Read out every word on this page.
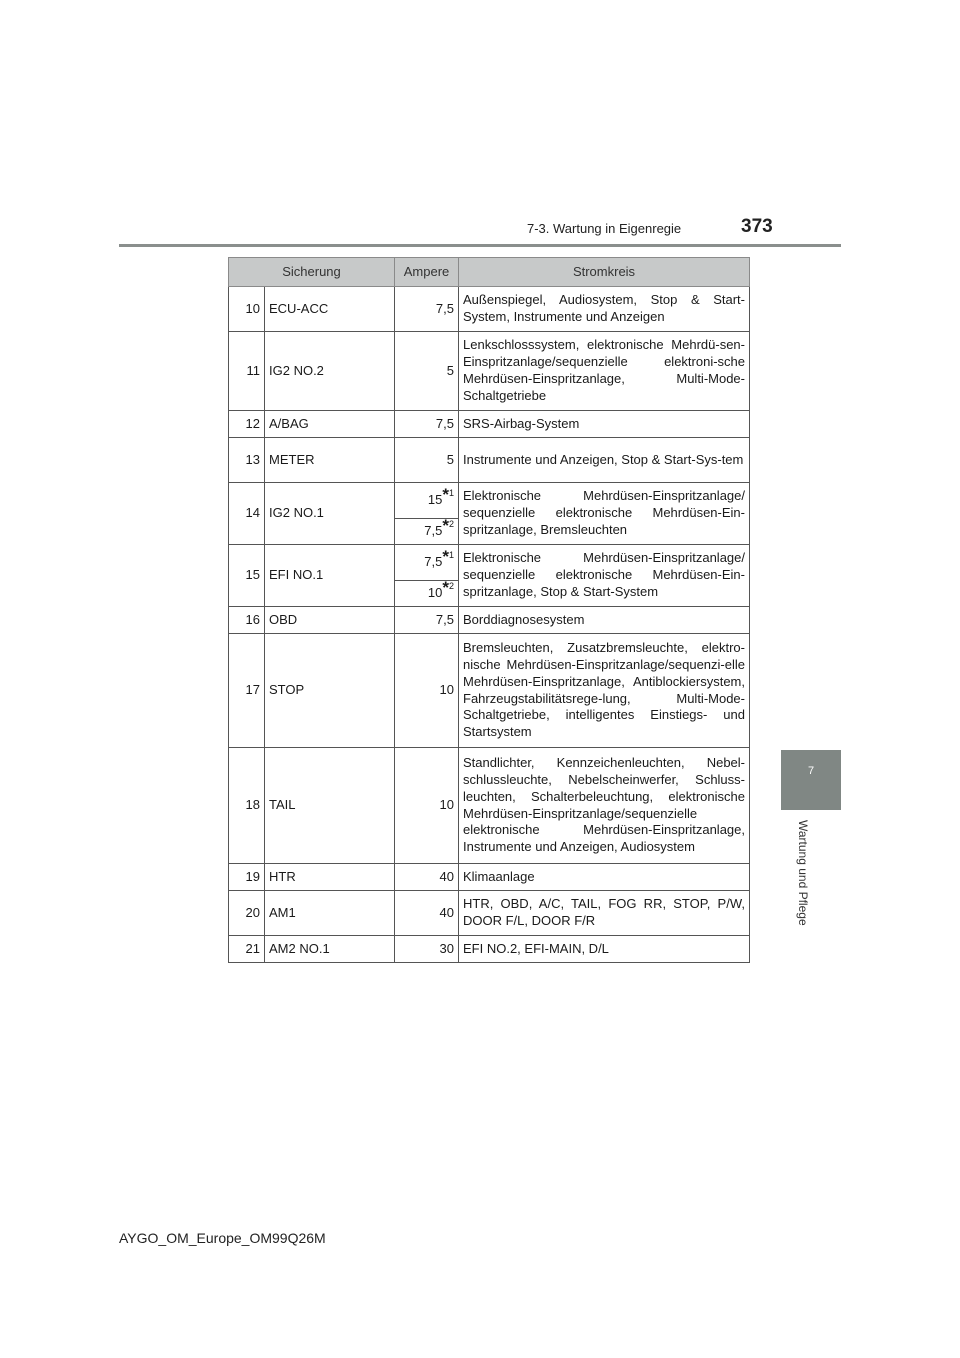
7-3. Wartung in Eigenregie	373
7
Wartung und Pflege
Sicherung		Ampere	Stromkreis
10	ECU-ACC	7,5	Außenspiegel, Audiosystem, Stop & Start-System, Instrumente und Anzeigen
11	IG2 NO.2	5	Lenkschlosssystem, elektronische Mehrdü-sen-Einspritzanlage/sequenzielle elektroni-sche Mehrdüsen-Einspritzanlage, Multi-Mode-Schaltgetriebe
12	A/BAG	7,5	SRS-Airbag-System
13	METER	5	Instrumente und Anzeigen, Stop & Start-Sys-tem
14	IG2 NO.1	15$^{*1}$	Elektronische Mehrdüsen-Einspritzanlage/ sequenzielle elektronische Mehrdüsen-Ein-spritzanlage, Bremsleuchten
		7,5$^{*2}$
15	EFI NO.1	7,5$^{*1}$	Elektronische Mehrdüsen-Einspritzanlage/ sequenzielle elektronische Mehrdüsen-Ein-spritzanlage, Stop & Start-System
		10$^{*2}$
16	OBD	7,5	Borddiagnosesystem
17	STOP	10	Bremsleuchten, Zusatzbremsleuchte, elektro-nische Mehrdüsen-Einspritzanlage/sequenzi-elle Mehrdüsen-Einspritzanlage, Antiblockiersystem, Fahrzeugstabilitätsrege-lung, Multi-Mode-Schaltgetriebe, intelligentes Einstiegs- und Startsystem
18	TAIL	10	Standlichter, Kennzeichenleuchten, Nebel-schlussleuchte, Nebelscheinwerfer, Schluss-leuchten, Schalterbeleuchtung, elektronische Mehrdüsen-Einspritzanlage/sequenzielle elektronische Mehrdüsen-Einspritzanlage, Instrumente und Anzeigen, Audiosystem
19	HTR	40	Klimaanlage
20	AM1	40	HTR, OBD, A/C, TAIL, FOG RR, STOP, P/W, DOOR F/L, DOOR F/R
21	AM2 NO.1	30	EFI NO.2, EFI-MAIN, D/L
AYGO_OM_Europe_OM99Q26M
